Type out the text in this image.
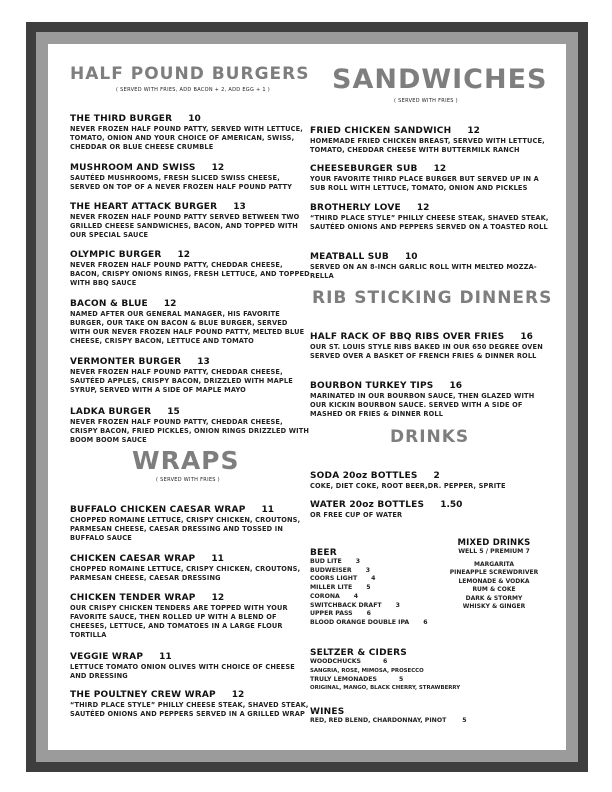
HALF POUND BURGERS
( SERVED WITH FRIES, ADD BACON + 2, ADD EGG + 1 )
THE THIRD BURGER 10
NEVER FROZEN HALF POUND PATTY, SERVED WITH LETTUCE, TOMATO, ONION AND YOUR CHOICE OF AMERICAN, SWISS, CHEDDAR OR BLUE CHEESE CRUMBLE
MUSHROOM AND SWISS 12
SAUTÉED MUSHROOMS, FRESH SLICED SWISS CHEESE, SERVED ON TOP OF A NEVER FROZEN HALF POUND PATTY
THE HEART ATTACK BURGER 13
NEVER FROZEN HALF POUND PATTY SERVED BETWEEN TWO GRILLED CHEESE SANDWICHES, BACON, AND TOPPED WITH OUR SPECIAL SAUCE
OLYMPIC BURGER 12
NEVER FROZEN HALF POUND PATTY, CHEDDAR CHEESE, BACON, CRISPY ONIONS RINGS, FRESH LETTUCE, AND TOPPED WITH BBQ SAUCE
BACON & BLUE 12
NAMED AFTER OUR GENERAL MANAGER, HIS FAVORITE BURGER, OUR TAKE ON BACON & BLUE BURGER, SERVED WITH OUR NEVER FROZEN HALF POUND PATTY, MELTED BLUE CHEESE, CRISPY BACON, LETTUCE AND TOMATO
VERMONTER BURGER 13
NEVER FROZEN HALF POUND PATTY, CHEDDAR CHEESE, SAUTÉED APPLES, CRISPY BACON, DRIZZLED WITH MAPLE SYRUP, SERVED WITH A SIDE OF MAPLE MAYO
LADKA BURGER 15
NEVER FROZEN HALF POUND PATTY, CHEDDAR CHEESE, CRISPY BACON, FRIED PICKLES, ONION RINGS DRIZZLED WITH BOOM BOOM SAUCE
WRAPS
( SERVED WITH FRIES )
BUFFALO CHICKEN CAESAR WRAP 11
CHOPPED ROMAINE LETTUCE, CRISPY CHICKEN, CROUTONS, PARMESAN CHEESE, CAESAR DRESSING AND TOSSED IN BUFFALO SAUCE
CHICKEN CAESAR WRAP 11
CHOPPED ROMAINE LETTUCE, CRISPY CHICKEN, CROUTONS, PARMESAN CHEESE, CAESAR DRESSING
CHICKEN TENDER WRAP 12
OUR CRISPY CHICKEN TENDERS ARE TOPPED WITH YOUR FAVORITE SAUCE, THEN ROLLED UP WITH A BLEND OF CHEESES, LETTUCE, AND TOMATOES IN A LARGE FLOUR TORTILLA
VEGGIE WRAP 11
LETTUCE TOMATO ONION OLIVES WITH CHOICE OF CHEESE AND DRESSING
THE POULTNEY CREW WRAP 12
“THIRD PLACE STYLE” PHILLY CHEESE STEAK, SHAVED STEAK, SAUTÉED ONIONS AND PEPPERS SERVED IN A GRILLED WRAP
SANDWICHES
( SERVED WITH FRIES )
FRIED CHICKEN SANDWICH 12
HOMEMADE FRIED CHICKEN BREAST, SERVED WITH LETTUCE, TOMATO, CHEDDAR CHEESE WITH BUTTERMILK RANCH
CHEESEBURGER SUB 12
YOUR FAVORITE THIRD PLACE BURGER BUT SERVED UP IN A SUB ROLL WITH LETTUCE, TOMATO, ONION AND PICKLES
BROTHERLY LOVE 12
“THIRD PLACE STYLE” PHILLY CHEESE STEAK, SHAVED STEAK, SAUTÉED ONIONS AND PEPPERS SERVED ON A TOASTED ROLL
MEATBALL SUB 10
SERVED ON AN 8-INCH GARLIC ROLL WITH MELTED MOZZA-RELLA
RIB STICKING DINNERS
HALF RACK OF BBQ RIBS OVER FRIES 16
OUR ST. LOUIS STYLE RIBS BAKED IN OUR 650 DEGREE OVEN SERVED OVER A BASKET OF FRENCH FRIES & DINNER ROLL
BOURBON TURKEY TIPS 16
MARINATED IN OUR BOURBON SAUCE, THEN GLAZED WITH OUR KICKIN BOURBON SAUCE. SERVED WITH A SIDE OF MASHED OR FRIES & DINNER ROLL
DRINKS
SODA 20oz BOTTLES 2
COKE, DIET COKE, ROOT BEER,DR. PEPPER, SPRITE
WATER 20oz BOTTLES 1.50
OR FREE CUP OF WATER
BEER
BUD LITE 3
BUDWEISER 3
COORS LIGHT 4
MILLER LITE 5
CORONA 4
SWITCHBACK DRAFT 3
UPPER PASS 6
BLOOD ORANGE DOUBLE IPA 6
MIXED DRINKS
WELL 5 / PREMIUM 7
MARGARITA
PINEAPPLE SCREWDRIVER
LEMONADE & VODKA
RUM & COKE
DARK & STORMY
WHISKY & GINGER
SELTZER & CIDERS
WOODCHUCKS	6
SANGRIA, ROSE, MIMOSA, PROSECCO
TRULY LEMONADES	5
ORIGINAL, MANGO, BLACK CHERRY, STRAWBERRY
WINES
RED, RED BLEND, CHARDONNAY, PINOT	5
